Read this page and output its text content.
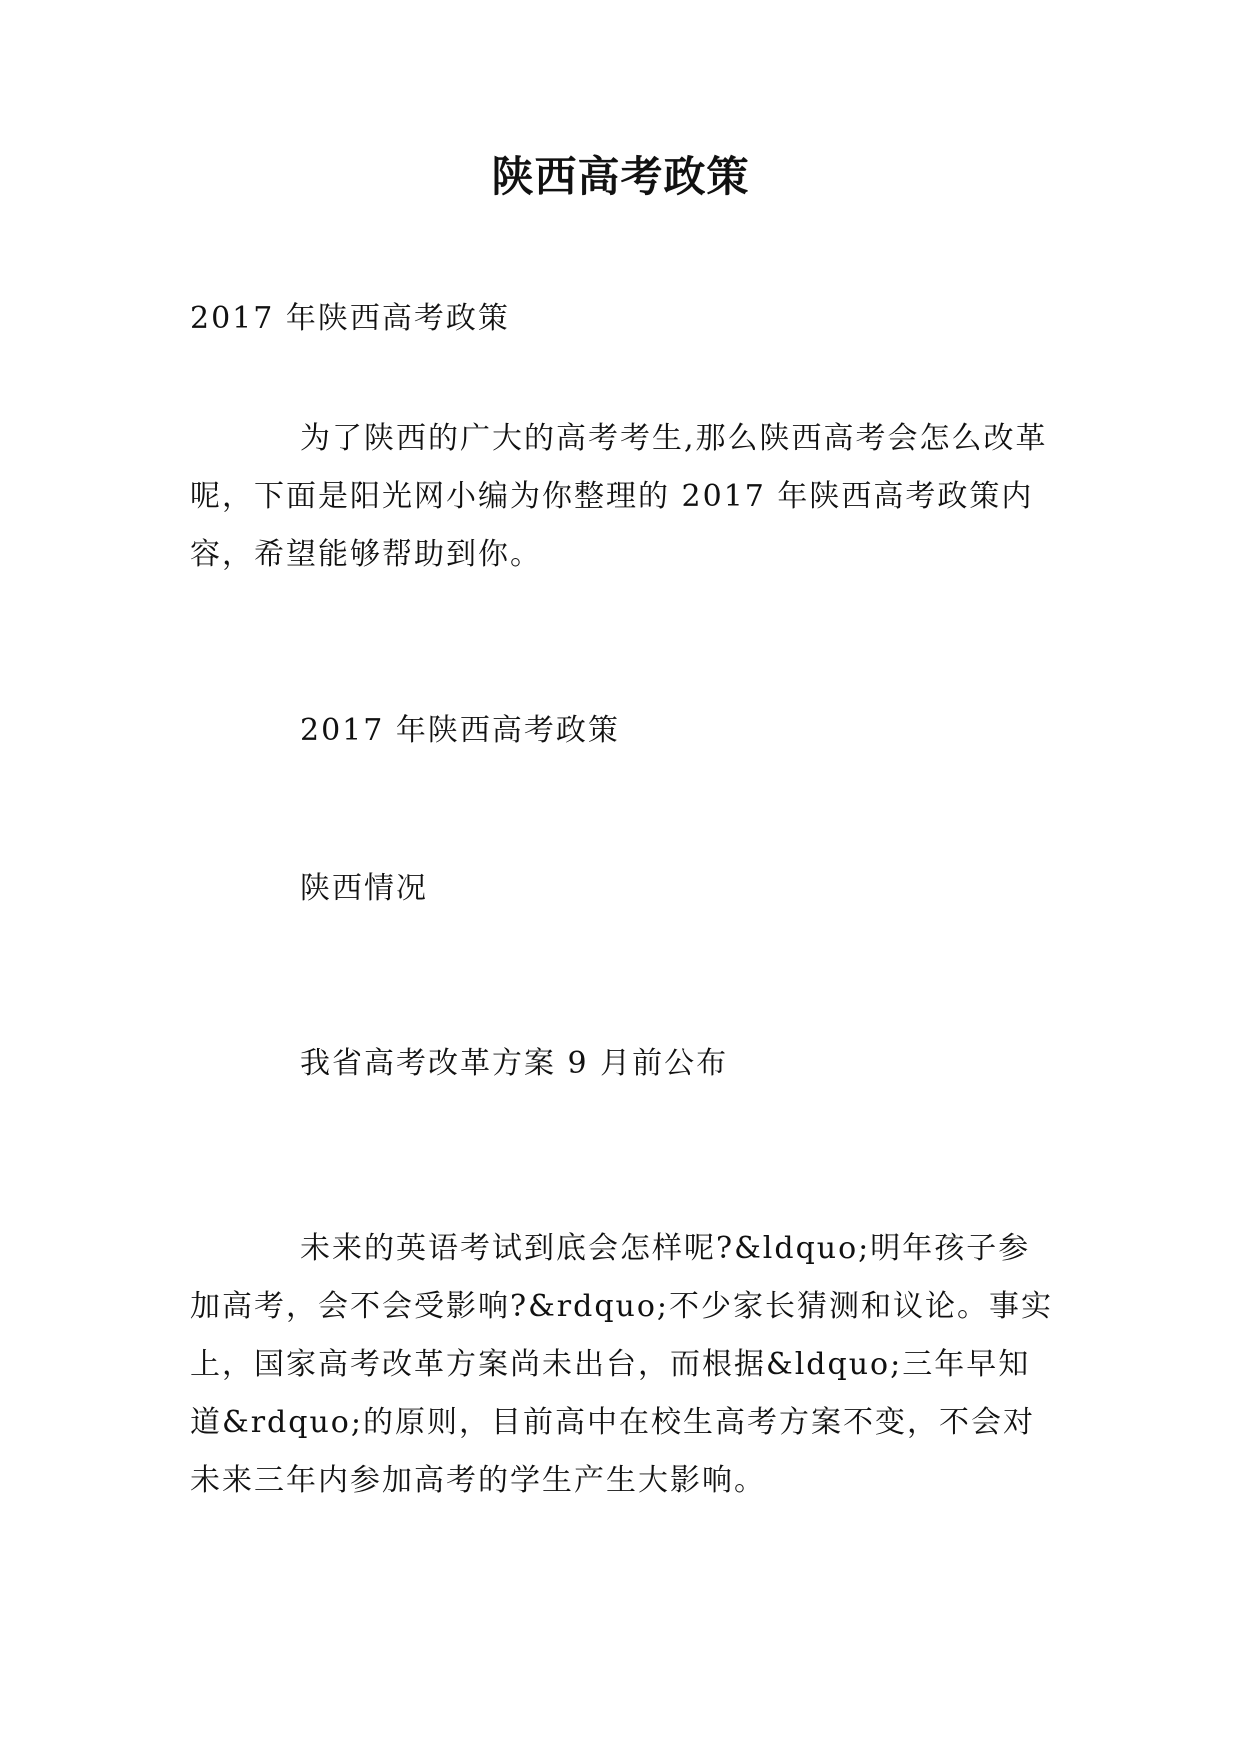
陕西高考政策

2017 年陕西高考政策

为了陕西的广大的高考考生,那么陕西高考会怎么改革呢，下面是阳光网小编为你整理的 2017 年陕西高考政策内容，希望能够帮助到你。

2017 年陕西高考政策

陕西情况

我省高考改革方案 9 月前公布

未来的英语考试到底会怎样呢?&ldquo;明年孩子参加高考，会不会受影响?&rdquo;不少家长猜测和议论。事实上，国家高考改革方案尚未出台，而根据&ldquo;三年早知道&rdquo;的原则，目前高中在校生高考方案不变，不会对未来三年内参加高考的学生产生大影响。
